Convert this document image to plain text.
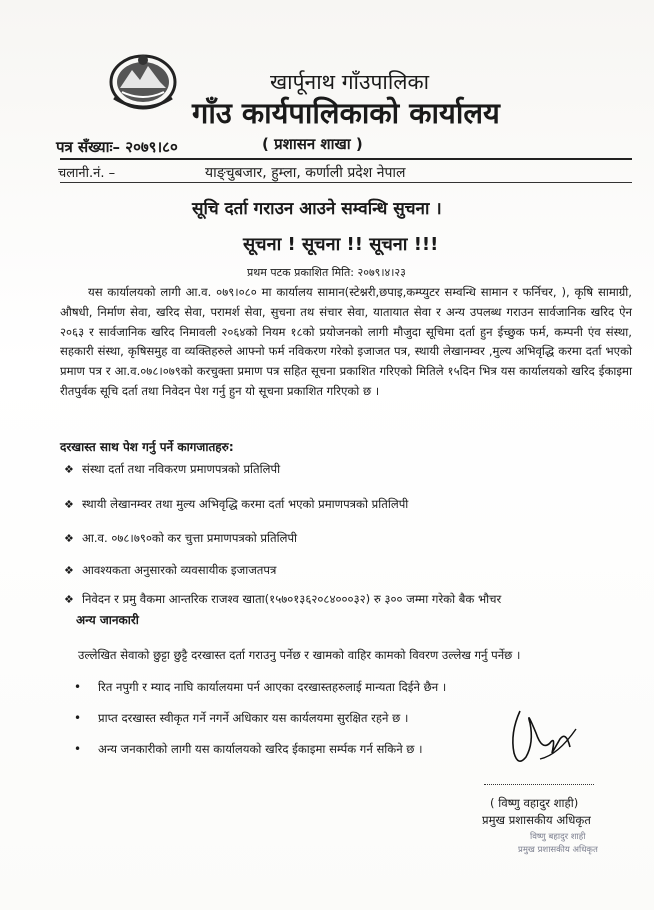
खार्पूनाथ गाँउपालिका
गाँउ कार्यपालिकाको कार्यालय
पत्र सँख्याः– २०७९।८०	( प्रशासन शाखा )
चलानी.नं. –	याङ्चुबजार, हुम्ला, कर्णाली प्रदेश नेपाल
सूचि दर्ता गराउन आउने सम्वन्धि सुचना ।
सूचना ! सूचना !! सूचना !!!
प्रथम पटक प्रकाशित मिति: २०७९।४।२३
यस कार्यालयको लागी आ.व. ०७९।०८० मा कार्यालय सामान(स्टेश्नरी,छपाइ,कम्प्युटर सम्वन्धि सामान र फर्निचर, ), कृषि सामाग्री, औषधी, निर्माण सेवा, खरिद सेवा, परामर्श सेवा, सुचना तथ संचार सेवा, यातायात सेवा र अन्य उपलब्ध गराउन सार्वजानिक खरिद ऐन २०६३ र सार्वजानिक खरिद निमावली २०६४को नियम १८को प्रयोजनको लागी मौजुदा सूचिमा दर्ता हुन ईच्छुक फर्म, कम्पनी एंव संस्था, सहकारी संस्था, कृषिसमुह वा व्यक्तिहरुले आफ्नो फर्म नविकरण गरेको इजाजत पत्र, स्थायी लेखानम्वर ,मुल्य अभिवृद्धि करमा दर्ता भएको प्रमाण पत्र र आ.व.०७८।०७९को करचुक्ता प्रमाण पत्र सहित सूचना प्रकाशित गरिएको मितिले १५दिन भित्र यस कार्यालयको खरिद ईकाइमा रीतपुर्वक सूचि दर्ता तथा निवेदन पेश गर्नु हुन यो सूचना प्रकाशित गरिएको छ ।
दरखास्त साथ पेश गर्नु पर्ने कागजातहरु:
❖ संस्था दर्ता तथा नविकरण प्रमाणपत्रको प्रतिलिपी
❖ स्थायी लेखानम्वर तथा मुल्य अभिवृद्धि करमा दर्ता भएको प्रमाणपत्रको प्रतिलिपी
❖ आ.व. ०७८।७९०को कर चुत्ता प्रमाणपत्रको प्रतिलिपी
❖ आवश्यकता अनुसारको व्यवसायीक इजाजतपत्र
❖ निवेदन र प्रमु वैकमा आन्तरिक राजश्व खाता(१५७०१३६२०८४०००३२) रु ३०० जम्मा गरेको बैक भौचर
अन्य जानकारी
उल्लेखित सेवाको छुट्टा छुट्टै दरखास्त दर्ता गराउनु पर्नेछ र खामको वाहिर कामको विवरण उल्लेख गर्नु पर्नेछ ।
• रित नपुगी र म्याद नाघि कार्यालयमा पर्न आएका दरखास्तहरुलाई मान्यता दिईने छैन ।
• प्राप्त दरखास्त स्वीकृत गर्ने नगर्ने अधिकार यस कार्यलयमा सुरक्षित रहने छ ।
• अन्य जनकारीको लागी यस कार्यालयको खरिद ईकाइमा सर्म्पक गर्न सकिने छ ।
( विष्णु वहादुर शाही)
प्रमुख प्रशासकीय अधिकृत
विष्णु बहादुर शाही
प्रमुख प्रशासकीय अधिकृत
